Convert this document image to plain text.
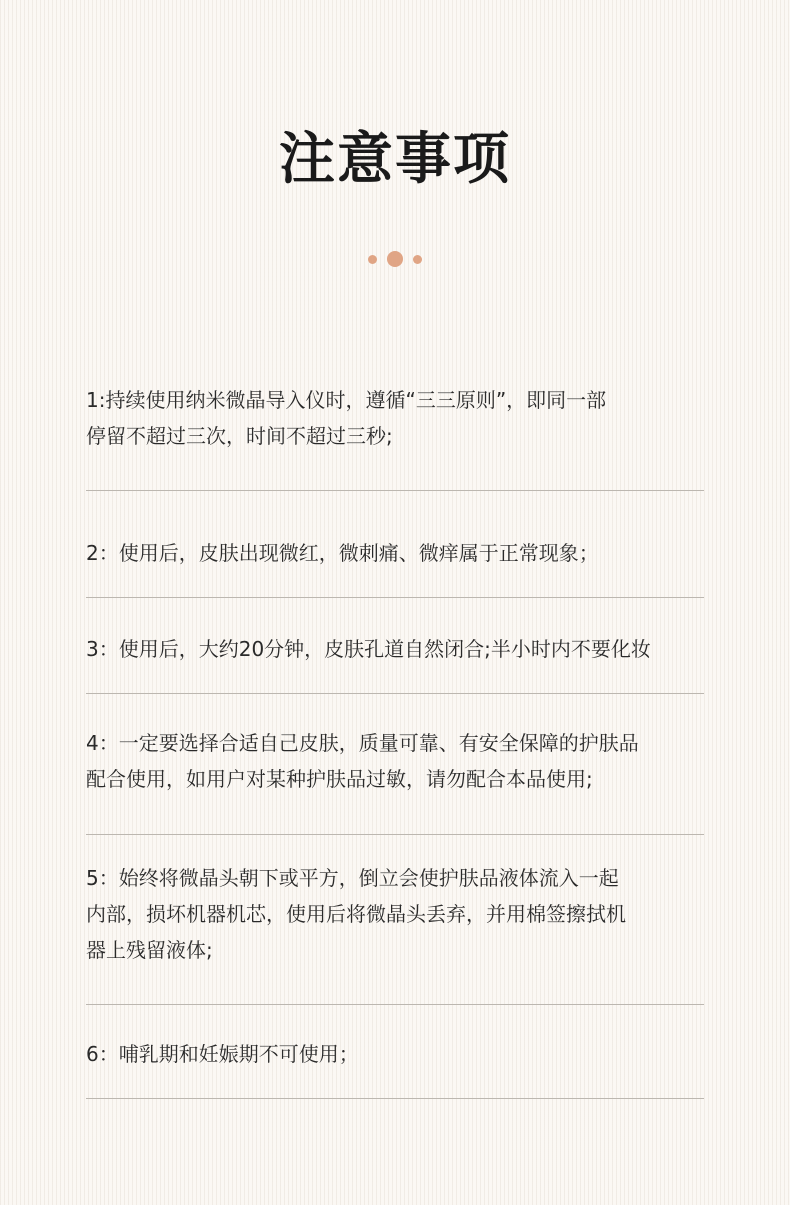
注意事项
1:持续使用纳米微晶导入仪时，遵循“三三原则”，即同一部
停留不超过三次，时间不超过三秒;
2：使用后，皮肤出现微红，微刺痛、微痒属于正常现象；
3：使用后，大约20分钟，皮肤孔道自然闭合;半小时内不要化妆
4：一定要选择合适自己皮肤，质量可靠、有安全保障的护肤品
配合使用，如用户对某种护肤品过敏，请勿配合本品使用;
5：始终将微晶头朝下或平方，倒立会使护肤品液体流入一起
内部，损坏机器机芯，使用后将微晶头丢弃，并用棉签擦拭机
器上残留液体;
6：哺乳期和妊娠期不可使用；
